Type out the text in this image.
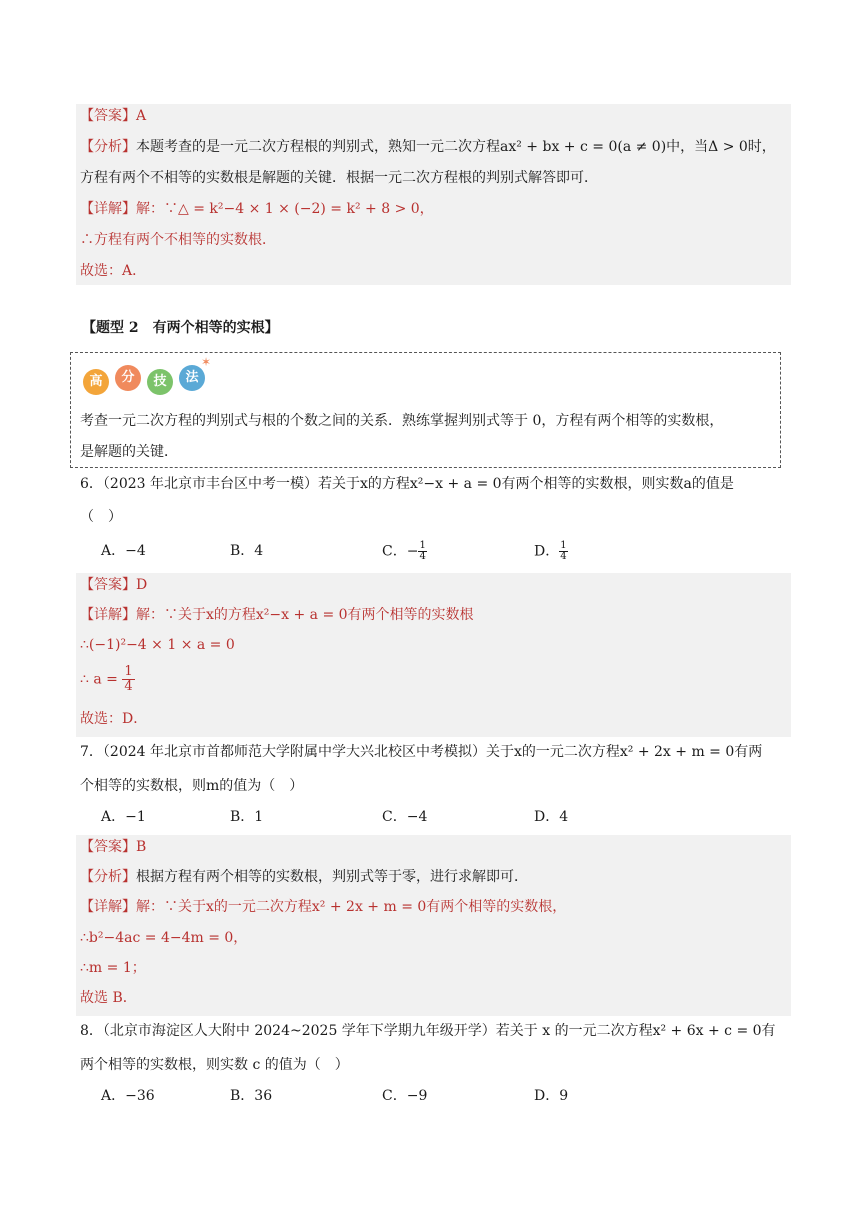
【答案】A
【分析】本题考查的是一元二次方程根的判别式，熟知一元二次方程ax² + bx + c = 0(a ≠ 0)中，当Δ > 0时，
方程有两个不相等的实数根是解题的关键．根据一元二次方程根的判别式解答即可．
【详解】解：∵△ = k²−4 × 1 × (−2) = k² + 8 > 0，
∴方程有两个不相等的实数根．
故选：A．
【题型 2　有两个相等的实根】
高	分	技	法
✶
考查一元二次方程的判别式与根的个数之间的关系．熟练掌握判别式等于 0，方程有两个相等的实数根，
是解题的关键．
6．（2023 年北京市丰台区中考一模）若关于x的方程x²−x + a = 0有两个相等的实数根，则实数a的值是
（　）
A．−4	B．4	C．− $\frac{1}{4}$	D． $\frac{1}{4}$
【答案】D
【详解】解：∵关于x的方程x²−x + a = 0有两个相等的实数根
∴(−1)²−4 × 1 × a = 0
∴ $a = \frac{1}{4}$
故选：D．
7．（2024 年北京市首都师范大学附属中学大兴北校区中考模拟）关于x的一元二次方程x² + 2x + m = 0有两
个相等的实数根，则m的值为（　）
A．−1	B．1	C．−4	D．4
【答案】B
【分析】根据方程有两个相等的实数根，判别式等于零，进行求解即可．
【详解】解：∵关于x的一元二次方程x² + 2x + m = 0有两个相等的实数根，
∴b²−4ac = 4−4m = 0，
∴m = 1；
故选 B．
8．（北京市海淀区人大附中 2024~2025 学年下学期九年级开学）若关于 x 的一元二次方程x² + 6x + c = 0有
两个相等的实数根，则实数 c 的值为（　）
A．−36	B．36	C．−9	D．9
